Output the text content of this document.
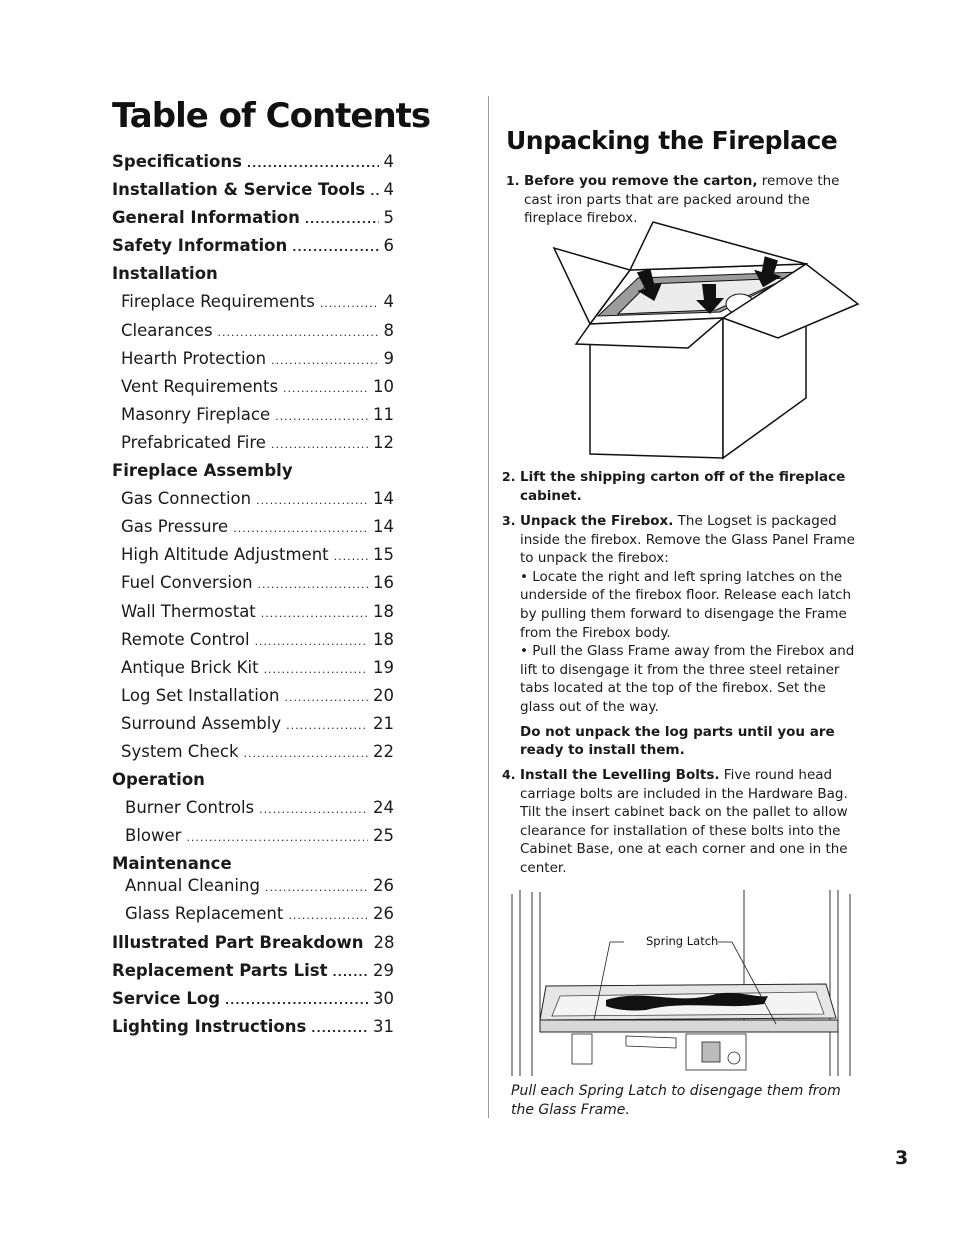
Table of Contents
Specifications .....	4
Installation & Service Tools ..... 4
General Information .....	5
Safety Information .....	6
Installation
Fireplace Requirements .....	4
Clearances .....	8
Hearth Protection .....	9
Vent Requirements .....	10
Masonry Fireplace .....	11
Prefabricated Fire .....	12
Fireplace Assembly
Gas Connection .....	14
Gas Pressure .....	14
High Altitude Adjustment .....	15
Fuel Conversion .....	16
Wall Thermostat .....	18
Remote Control .....	18
Antique Brick Kit .....	19
Log Set Installation .....	20
Surround Assembly .....	21
System Check .....	22
Operation
Burner Controls .....	24
Blower .....	25
Maintenance
Annual Cleaning .....	26
Glass Replacement .....	26
Illustrated Part Breakdown 28
Replacement Parts List .....	29
Service Log .....	30
Lighting Instructions .....	31
Unpacking the Fireplace
1. Before you remove the carton, remove the cast iron parts that are packed around the fireplace firebox.
2. Lift the shipping carton off of the fireplace cabinet.
3. Unpack the Firebox. The Logset is packaged inside the firebox. Remove the Glass Panel Frame to unpack the firebox:
• Locate the right and left spring latches on the underside of the firebox floor. Release each latch by pulling them forward to disengage the Frame from the Firebox body.
• Pull the Glass Frame away from the Firebox and lift to disengage it from the three steel retainer tabs located at the top of the firebox. Set the glass out of the way.
Do not unpack the log parts until you are ready to install them.
4. Install the Levelling Bolts. Five round head carriage bolts are included in the Hardware Bag. Tilt the insert cabinet back on the pallet to allow clearance for installation of these bolts into the Cabinet Base, one at each corner and one in the center.
Spring Latch
Pull each Spring Latch to disengage them from the Glass Frame.
3
